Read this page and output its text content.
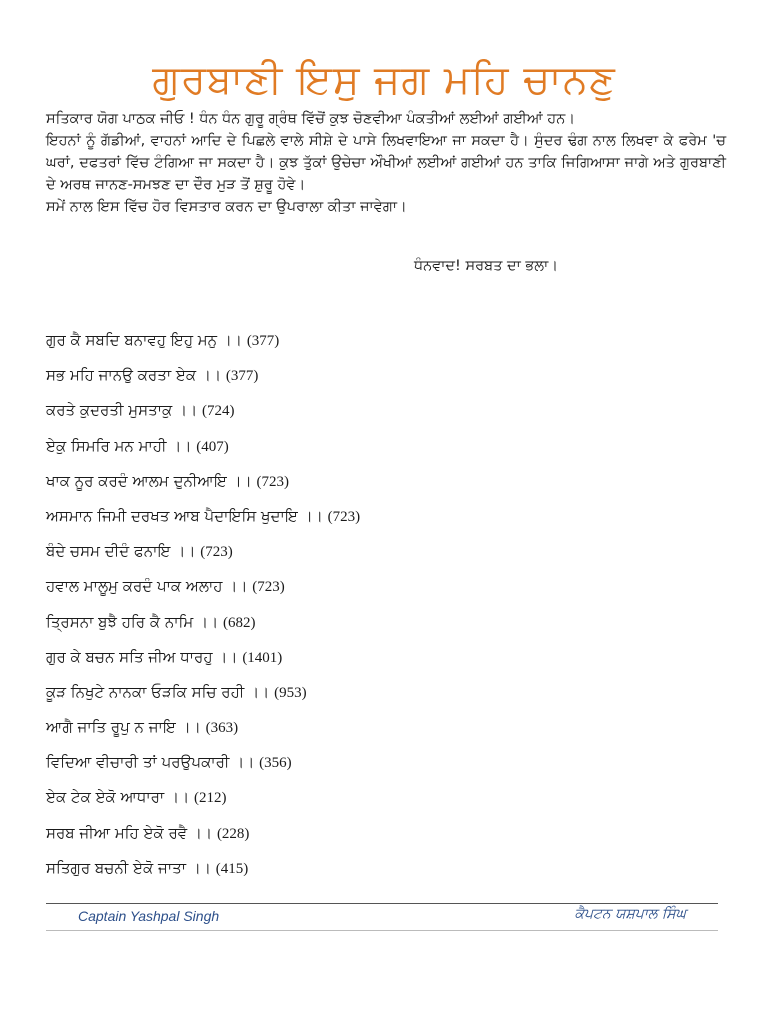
ਗੁਰਬਾਣੀ ਇਸੁ ਜਗ ਮਹਿ ਚਾਨਣੁ

ਸਤਿਕਾਰ ਯੋਗ ਪਾਠਕ ਜੀਓ ! ਧੰਨ ਧੰਨ ਗੁਰੂ ਗ੍ਰੰਥ ਵਿੱਚੋਂ ਕੁਝ ਚੋਣਵੀਆ ਪੰਕਤੀਆਂ ਲਈਆਂ ਗਈਆਂ ਹਨ।

ਇਹਨਾਂ ਨੂੰ ਗੱਡੀਆਂ, ਵਾਹਨਾਂ ਆਦਿ ਦੇ ਪਿਛਲੇ ਵਾਲੇ ਸੀਸ਼ੇ ਦੇ ਪਾਸੇ ਲਿਖਵਾਇਆ ਜਾ ਸਕਦਾ ਹੈ। ਸੁੰਦਰ ਢੰਗ ਨਾਲ ਲਿਖਵਾ ਕੇ ਫਰੇਮ 'ਚ ਘਰਾਂ, ਦਫਤਰਾਂ ਵਿੱਚ ਟੰਗਿਆ ਜਾ ਸਕਦਾ ਹੈ। ਕੁਝ ਤੁੱਕਾਂ ਉਚੇਚਾ ਔਖੀਆਂ ਲਈਆਂ ਗਈਆਂ ਹਨ ਤਾਕਿ ਜਿਗਿਆਸਾ ਜਾਗੇ ਅਤੇ ਗੁਰਬਾਣੀ ਦੇ ਅਰਥ ਜਾਨਣ-ਸਮਝਣ ਦਾ ਦੌਰ ਮੁੜ ਤੋਂ ਸ਼ੁਰੂ ਹੋਵੇ।

ਸਮੇਂ ਨਾਲ ਇਸ ਵਿੱਚ ਹੋਰ ਵਿਸਤਾਰ ਕਰਨ ਦਾ ਉਪਰਾਲਾ ਕੀਤਾ ਜਾਵੇਗਾ।

ਧੰਨਵਾਦ! ਸਰਬਤ ਦਾ ਭਲਾ।
ਗੁਰ ਕੈ ਸਬਦਿ ਬਨਾਵਹੁ ਇਹੁ ਮਨੁ ।। (377)
ਸਭ ਮਹਿ ਜਾਨਉ ਕਰਤਾ ਏਕ ।। (377)
ਕਰਤੇ ਕੁਦਰਤੀ ਮੁਸਤਾਕੁ ।। (724)
ਏਕੁ ਸਿਮਰਿ ਮਨ ਮਾਹੀ ।। (407)
ਖਾਕ ਨੂਰ ਕਰਦੰ ਆਲਮ ਦੁਨੀਆਇ ।। (723)
ਅਸਮਾਨ ਜਿਮੀ ਦਰਖਤ ਆਬ ਪੈਦਾਇਸਿ ਖੁਦਾਇ ।। (723)
ਬੰਦੇ ਚਸਮ ਦੀਦੰ ਫਨਾਇ ।। (723)
ਹਵਾਲ ਮਾਲੂਮੁ ਕਰਦੰ ਪਾਕ ਅਲਾਹ ।। (723)
ਤ੍ਰਿਸਨਾ ਬੁਝੈ ਹਰਿ ਕੈ ਨਾਮਿ ।। (682)
ਗੁਰ ਕੇ ਬਚਨ ਸਤਿ ਜੀਅ ਧਾਰਹੁ ।। (1401)
ਕੂੜ ਨਿਖੁਟੇ ਨਾਨਕਾ ਓੜਕਿ ਸਚਿ ਰਹੀ ।। (953)
ਆਗੈ ਜਾਤਿ ਰੂਪੁ ਨ ਜਾਇ ।। (363)
ਵਿਦਿਆ ਵੀਚਾਰੀ ਤਾਂ ਪਰਉਪਕਾਰੀ ।। (356)
ਏਕ ਟੇਕ ਏਕੋ ਆਧਾਰਾ ।। (212)
ਸਰਬ ਜੀਆ ਮਹਿ ਏਕੋ ਰਵੈ ।। (228)
ਸਤਿਗੁਰ ਬਚਨੀ ਏਕੋ ਜਾਤਾ ।। (415)
Captain Yashpal Singh	ਕੈਪਟਨ ਯਸ਼ਪਾਲ ਸਿੰਘ
